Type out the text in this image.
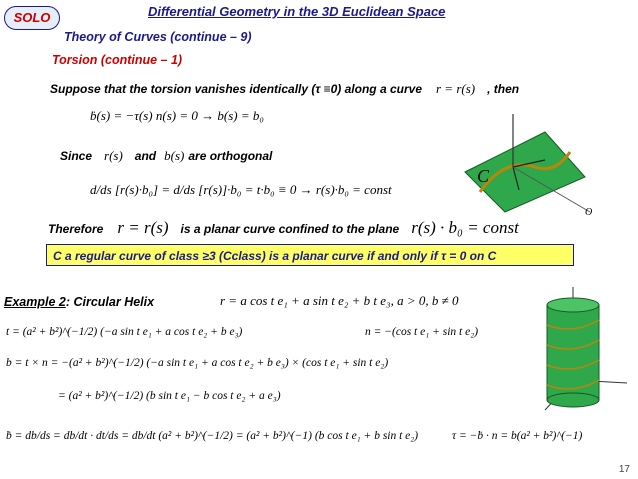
SOLO	Differential Geometry in the 3D Euclidean Space
Theory of Curves (continue – 9)
Torsion (continue – 1)
Suppose that the torsion vanishes identically (τ ≡0) along a curve r = r(s) , then
ḃ(s) = −τ(s) n(s) = 0 → b(s) = b₀
Since r(s) and b(s) are orthogonal
d/ds [r(s)·b₀] = d/ds [r(s)]·b₀ = t·b₀ ≡ 0 → r(s)·b₀ = const
Therefore r = r(s) is a planar curve confined to the plane r(s) · b₀ = const
C a regular curve of class ≥3 (Cclass) is a planar curve if and only if τ = 0 on C
C
O
Example 2: Circular Helix	r = a cos t e₁ + a sin t e₂ + b t e₃, a > 0, b ≠ 0
t = (a² + b²)^(−1/2) (−a sin t e₁ + a cos t e₂ + b e₃)	n = −(cos t e₁ + sin t e₂)
b = t × n = −(a² + b²)^(−1/2) (−a sin t e₁ + a cos t e₂ + b e₃) × (cos t e₁ + sin t e₂)
= (a² + b²)^(−1/2) (b sin t e₁ − b cos t e₂ + a e₃)
ḃ = db/ds = db/dt · dt/ds = db/dt (a² + b²)^(−1/2) = (a² + b²)^(−1) (b cos t e₁ + b sin t e₂)	τ = −ḃ · n = b(a² + b²)^(−1)
17
